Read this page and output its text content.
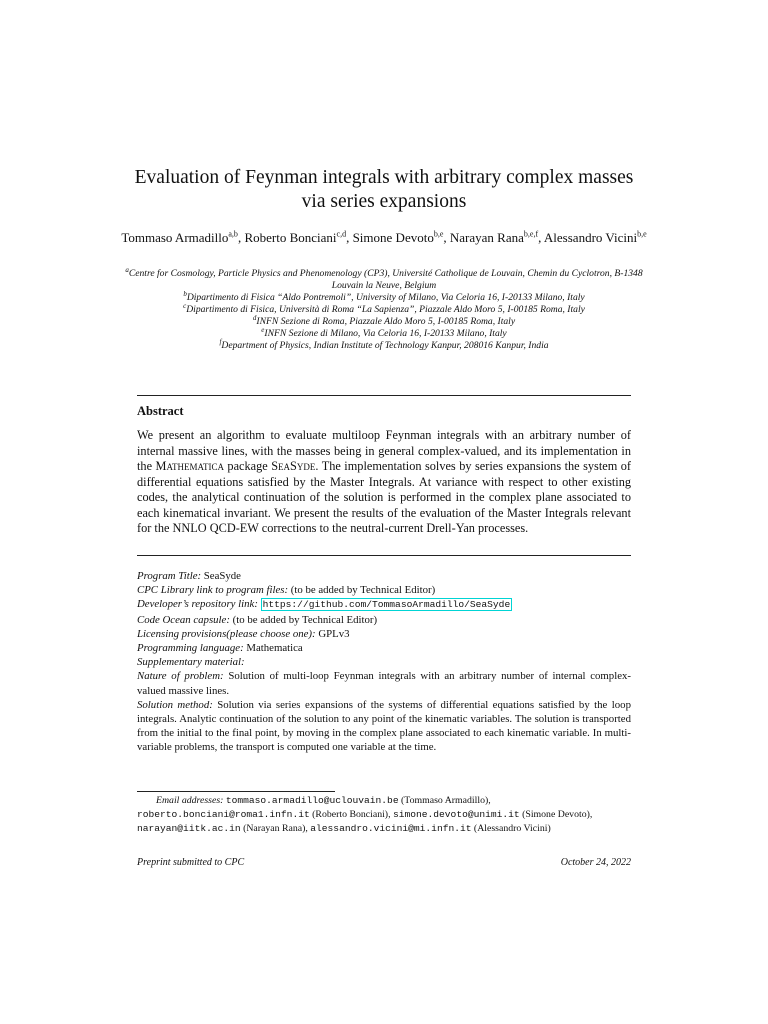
Evaluation of Feynman integrals with arbitrary complex masses
via series expansions
Tommaso Armadillo$^{a,b}$, Roberto Bonciani$^{c,d}$, Simone Devoto$^{b,e}$, Narayan Rana$^{b,e,f}$, Alessandro Vicini$^{b,e}$
$^a$Centre for Cosmology, Particle Physics and Phenomenology (CP3), Université Catholique de Louvain, Chemin du Cyclotron, B-1348 Louvain la Neuve, Belgium
$^b$Dipartimento di Fisica “Aldo Pontremoli”, University of Milano, Via Celoria 16, I-20133 Milano, Italy
$^c$Dipartimento di Fisica, Università di Roma “La Sapienza”, Piazzale Aldo Moro 5, I-00185 Roma, Italy
$^d$INFN Sezione di Roma, Piazzale Aldo Moro 5, I-00185 Roma, Italy
$^e$INFN Sezione di Milano, Via Celoria 16, I-20133 Milano, Italy
$^f$Department of Physics, Indian Institute of Technology Kanpur, 208016 Kanpur, India
Abstract
We present an algorithm to evaluate multiloop Feynman integrals with an arbitrary number of internal massive lines, with the masses being in general complex-valued, and its implementation in the Mathematica package SeaSyde. The implementation solves by series expansions the system of differential equations satisfied by the Master Integrals. At variance with respect to other existing codes, the analytical continuation of the solution is performed in the complex plane associated to each kinematical invariant. We present the results of the evaluation of the Master Integrals relevant for the NNLO QCD-EW corrections to the neutral-current Drell-Yan processes.
Program Title: SeaSyde
CPC Library link to program files: (to be added by Technical Editor)
Developer’s repository link: https://github.com/TommasoArmadillo/SeaSyde
Code Ocean capsule: (to be added by Technical Editor)
Licensing provisions(please choose one): GPLv3
Programming language: Mathematica
Supplementary material:
Nature of problem: Solution of multi-loop Feynman integrals with an arbitrary number of internal complex-valued massive lines.
Solution method: Solution via series expansions of the systems of differential equations satisfied by the loop integrals. Analytic continuation of the solution to any point of the kinematic variables. The solution is transported from the initial to the final point, by moving in the complex plane associated to each kinematic variable. In multi-variable problems, the transport is computed one variable at the time.
Email addresses: tommaso.armadillo@uclouvain.be (Tommaso Armadillo),
roberto.bonciani@roma1.infn.it (Roberto Bonciani), simone.devoto@unimi.it (Simone Devoto),
narayan@iitk.ac.in (Narayan Rana), alessandro.vicini@mi.infn.it (Alessandro Vicini)
Preprint submitted to CPC	October 24, 2022
